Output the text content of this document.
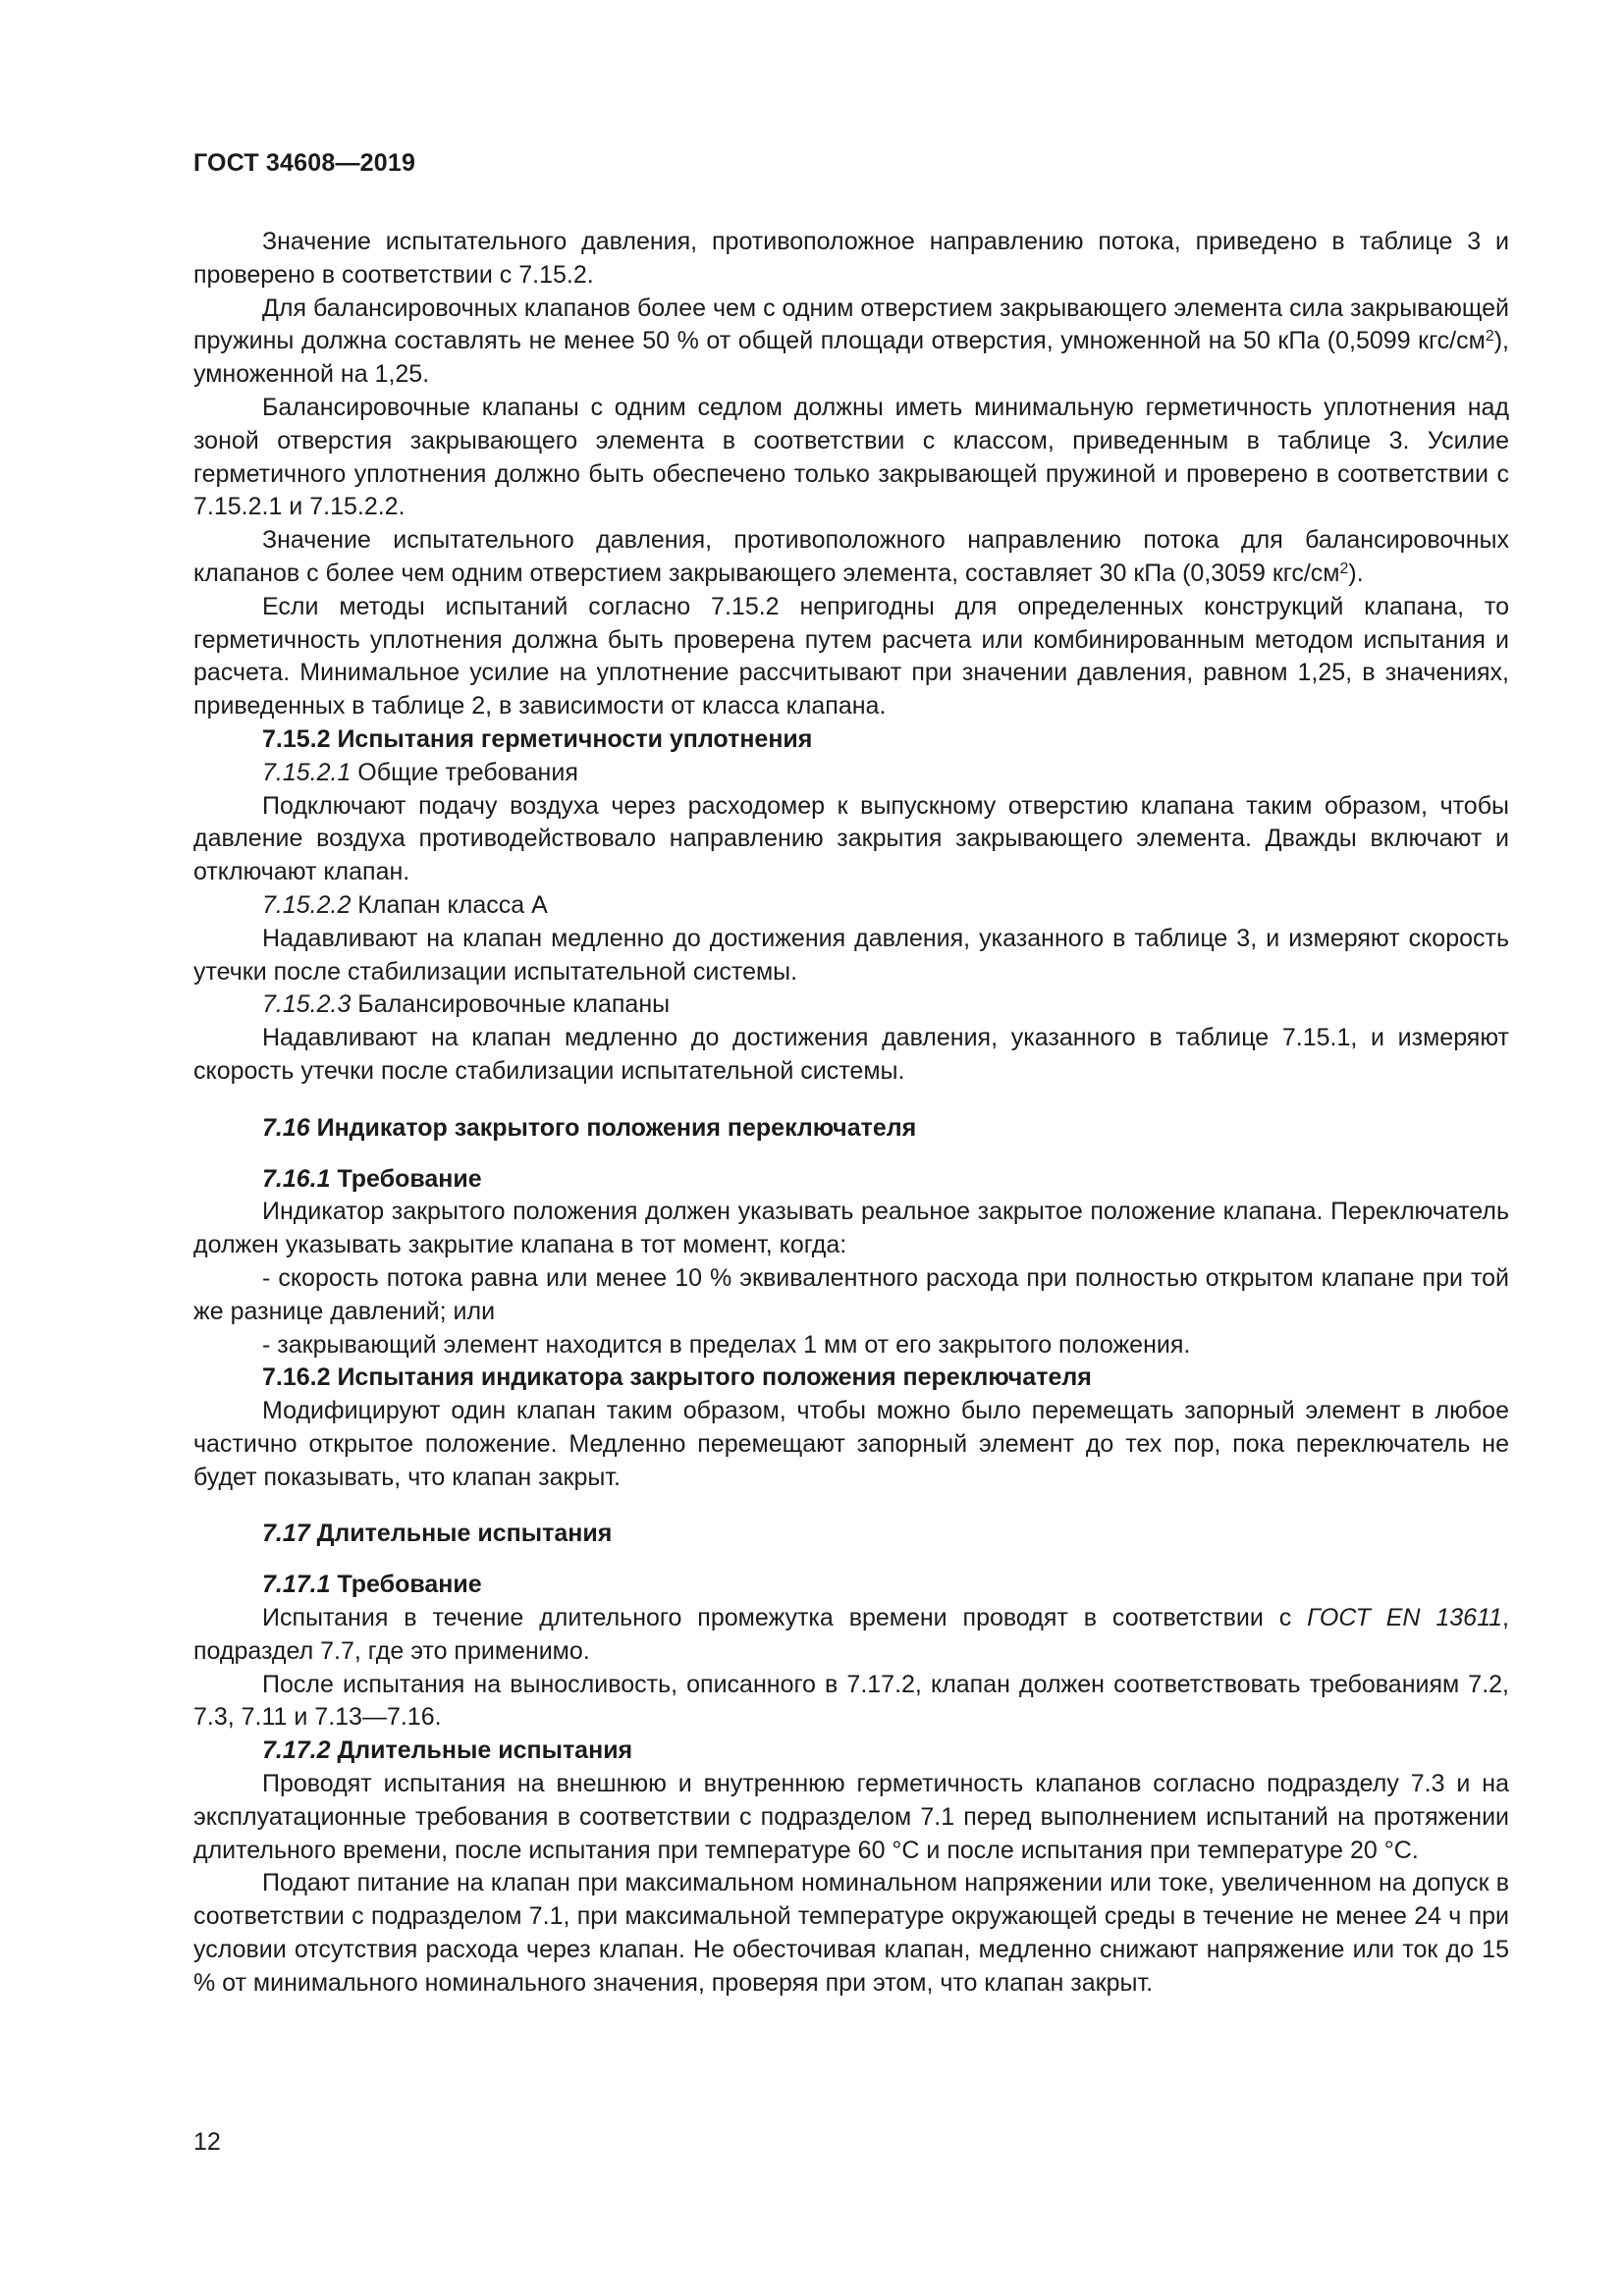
ГОСТ 34608—2019

Значение испытательного давления, противоположное направлению потока, приведено в таблице 3 и проверено в соответствии с 7.15.2.

Для балансировочных клапанов более чем с одним отверстием закрывающего элемента сила закрывающей пружины должна составлять не менее 50 % от общей площади отверстия, умноженной на 50 кПа (0,5099 кгс/$см^2$), умноженной на 1,25.

Балансировочные клапаны с одним седлом должны иметь минимальную герметичность уплотнения над зоной отверстия закрывающего элемента в соответствии с классом, приведенным в таблице 3. Усилие герметичного уплотнения должно быть обеспечено только закрывающей пружиной и проверено в соответствии с 7.15.2.1 и 7.15.2.2.

Значение испытательного давления, противоположного направлению потока для балансировочных клапанов с более чем одним отверстием закрывающего элемента, составляет 30 кПа (0,3059 кгс/$см^2$).

Если методы испытаний согласно 7.15.2 непригодны для определенных конструкций клапана, то герметичность уплотнения должна быть проверена путем расчета или комбинированным методом испытания и расчета. Минимальное усилие на уплотнение рассчитывают при значении давления, равном 1,25, в значениях, приведенных в таблице 2, в зависимости от класса клапана.

7.15.2 Испытания герметичности уплотнения

7.15.2.1 Общие требования

Подключают подачу воздуха через расходомер к выпускному отверстию клапана таким образом, чтобы давление воздуха противодействовало направлению закрытия закрывающего элемента. Дважды включают и отключают клапан.

7.15.2.2 Клапан класса А

Надавливают на клапан медленно до достижения давления, указанного в таблице 3, и измеряют скорость утечки после стабилизации испытательной системы.

7.15.2.3 Балансировочные клапаны

Надавливают на клапан медленно до достижения давления, указанного в таблице 7.15.1, и измеряют скорость утечки после стабилизации испытательной системы.

7.16 Индикатор закрытого положения переключателя

7.16.1 Требование

Индикатор закрытого положения должен указывать реальное закрытое положение клапана. Переключатель должен указывать закрытие клапана в тот момент, когда:

- скорость потока равна или менее 10 % эквивалентного расхода при полностью открытом клапане при той же разнице давлений; или

- закрывающий элемент находится в пределах 1 мм от его закрытого положения.

7.16.2 Испытания индикатора закрытого положения переключателя

Модифицируют один клапан таким образом, чтобы можно было перемещать запорный элемент в любое частично открытое положение. Медленно перемещают запорный элемент до тех пор, пока переключатель не будет показывать, что клапан закрыт.

7.17 Длительные испытания

7.17.1 Требование

Испытания в течение длительного промежутка времени проводят в соответствии с ГОСТ EN 13611, подраздел 7.7, где это применимо.

После испытания на выносливость, описанного в 7.17.2, клапан должен соответствовать требованиям 7.2, 7.3, 7.11 и 7.13—7.16.

7.17.2 Длительные испытания

Проводят испытания на внешнюю и внутреннюю герметичность клапанов согласно подразделу 7.3 и на эксплуатационные требования в соответствии с подразделом 7.1 перед выполнением испытаний на протяжении длительного времени, после испытания при температуре 60 °С и после испытания при температуре 20 °С.

Подают питание на клапан при максимальном номинальном напряжении или токе, увеличенном на допуск в соответствии с подразделом 7.1, при максимальной температуре окружающей среды в течение не менее 24 ч при условии отсутствия расхода через клапан. Не обесточивая клапан, медленно снижают напряжение или ток до 15 % от минимального номинального значения, проверяя при этом, что клапан закрыт.

12
